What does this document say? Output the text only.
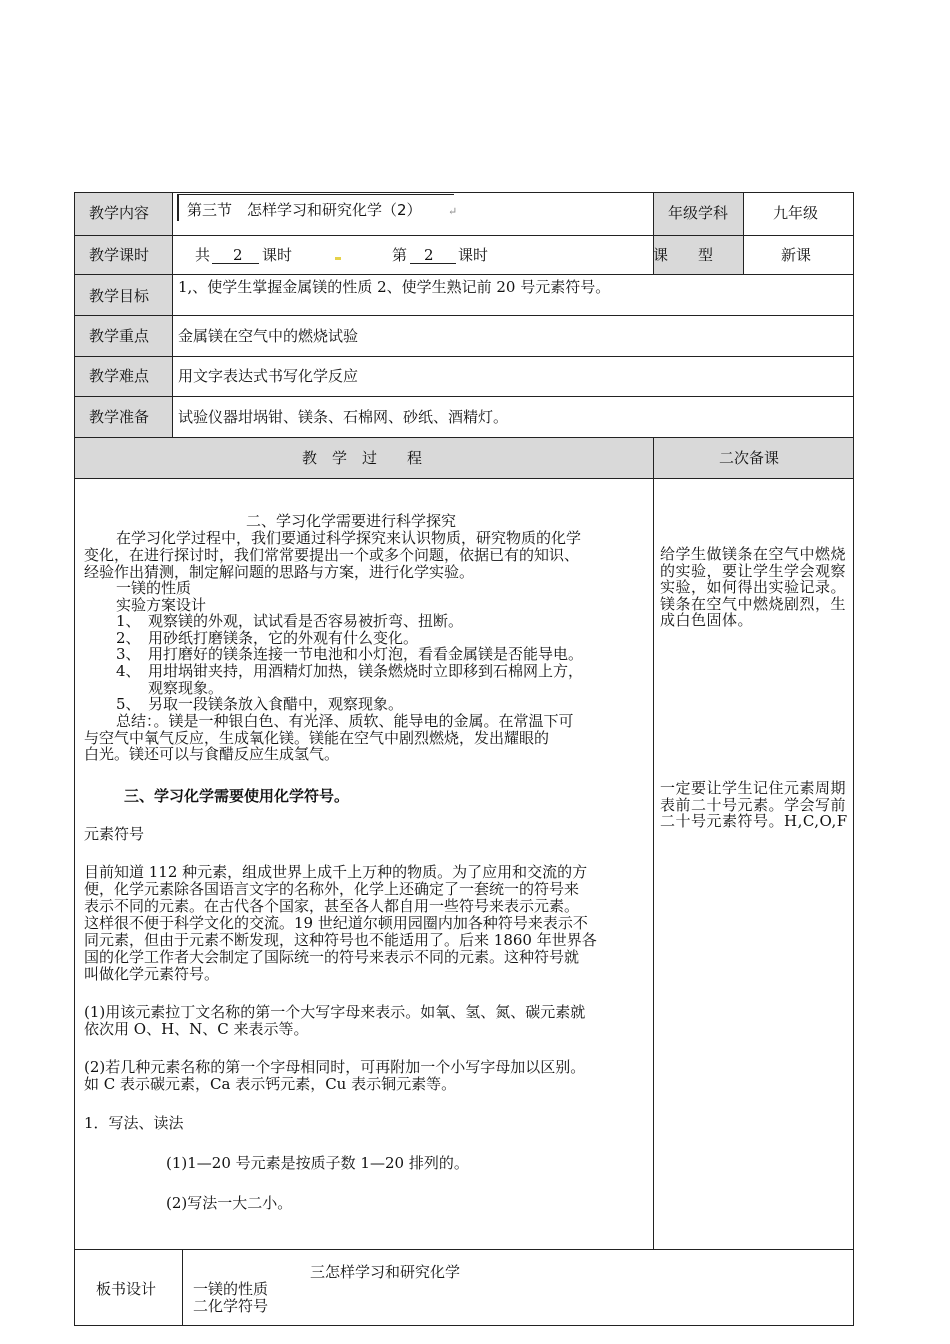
教学内容	第三节　怎样学习和研究化学（2） ↵	年级学科	九年级
教学课时	共 2 课时	第 2 课时	课　　型	新课
教学目标 1,、使学生掌握金属镁的性质 2、使学生熟记前 20 号元素符号。
教学重点 金属镁在空气中的燃烧试验
教学难点 用文字表达式书写化学反应
教学准备 试验仪器坩埚钳、镁条、石棉网、砂纸、酒精灯。
教　学　过　　程	二次备课
二、学习化学需要进行科学探究
在学习化学过程中，我们要通过科学探究来认识物质，研究物质的化学
变化，在进行探讨时，我们常常要提出一个或多个问题，依据已有的知识、
经验作出猜测，制定解问题的思路与方案，进行化学实验。
一镁的性质
实验方案设计
1、　观察镁的外观，试试看是否容易被折弯、扭断。
2、　用砂纸打磨镁条，它的外观有什么变化。
3、　用打磨好的镁条连接一节电池和小灯泡，看看金属镁是否能导电。
4、　用坩埚钳夹持，用酒精灯加热，镁条燃烧时立即移到石棉网上方，
观察现象。
5、　另取一段镁条放入食醋中，观察现象。
总结：。镁是一种银白色、有光泽、质软、能导电的金属。在常温下可
与空气中氧气反应，生成氧化镁。镁能在空气中剧烈燃烧，发出耀眼的
白光。镁还可以与食醋反应生成氢气。
三、学习化学需要使用化学符号。
元素符号
目前知道 112 种元素，组成世界上成千上万种的物质。为了应用和交流的方
便，化学元素除各国语言文字的名称外，化学上还确定了一套统一的符号来
表示不同的元素。在古代各个国家，甚至各人都自用一些符号来表示元素。
这样很不便于科学文化的交流。19 世纪道尔顿用园圈内加各种符号来表示不
同元素，但由于元素不断发现，这种符号也不能适用了。后来 1860 年世界各
国的化学工作者大会制定了国际统一的符号来表示不同的元素。这种符号就
叫做化学元素符号。
(1)用该元素拉丁文名称的第一个大写字母来表示。如氧、氢、氮、碳元素就
依次用 O、H、N、C 来表示等。
(2)若几种元素名称的第一个字母相同时，可再附加一个小写字母加以区别。
如 C 表示碳元素，Ca 表示钙元素，Cu 表示铜元素等。
1．写法、读法
(1)1—20 号元素是按质子数 1—20 排列的。
(2)写法一大二小。
给学生做镁条在空气中燃烧的实验，要让学生学会观察实验，如何得出实验记录。镁条在空气中燃烧剧烈，生成白色固体。
一定要让学生记住元素周期表前二十号元素。学会写前二十号元素符号。H,C,O,F
板书设计
三怎样学习和研究化学
一镁的性质
二化学符号
